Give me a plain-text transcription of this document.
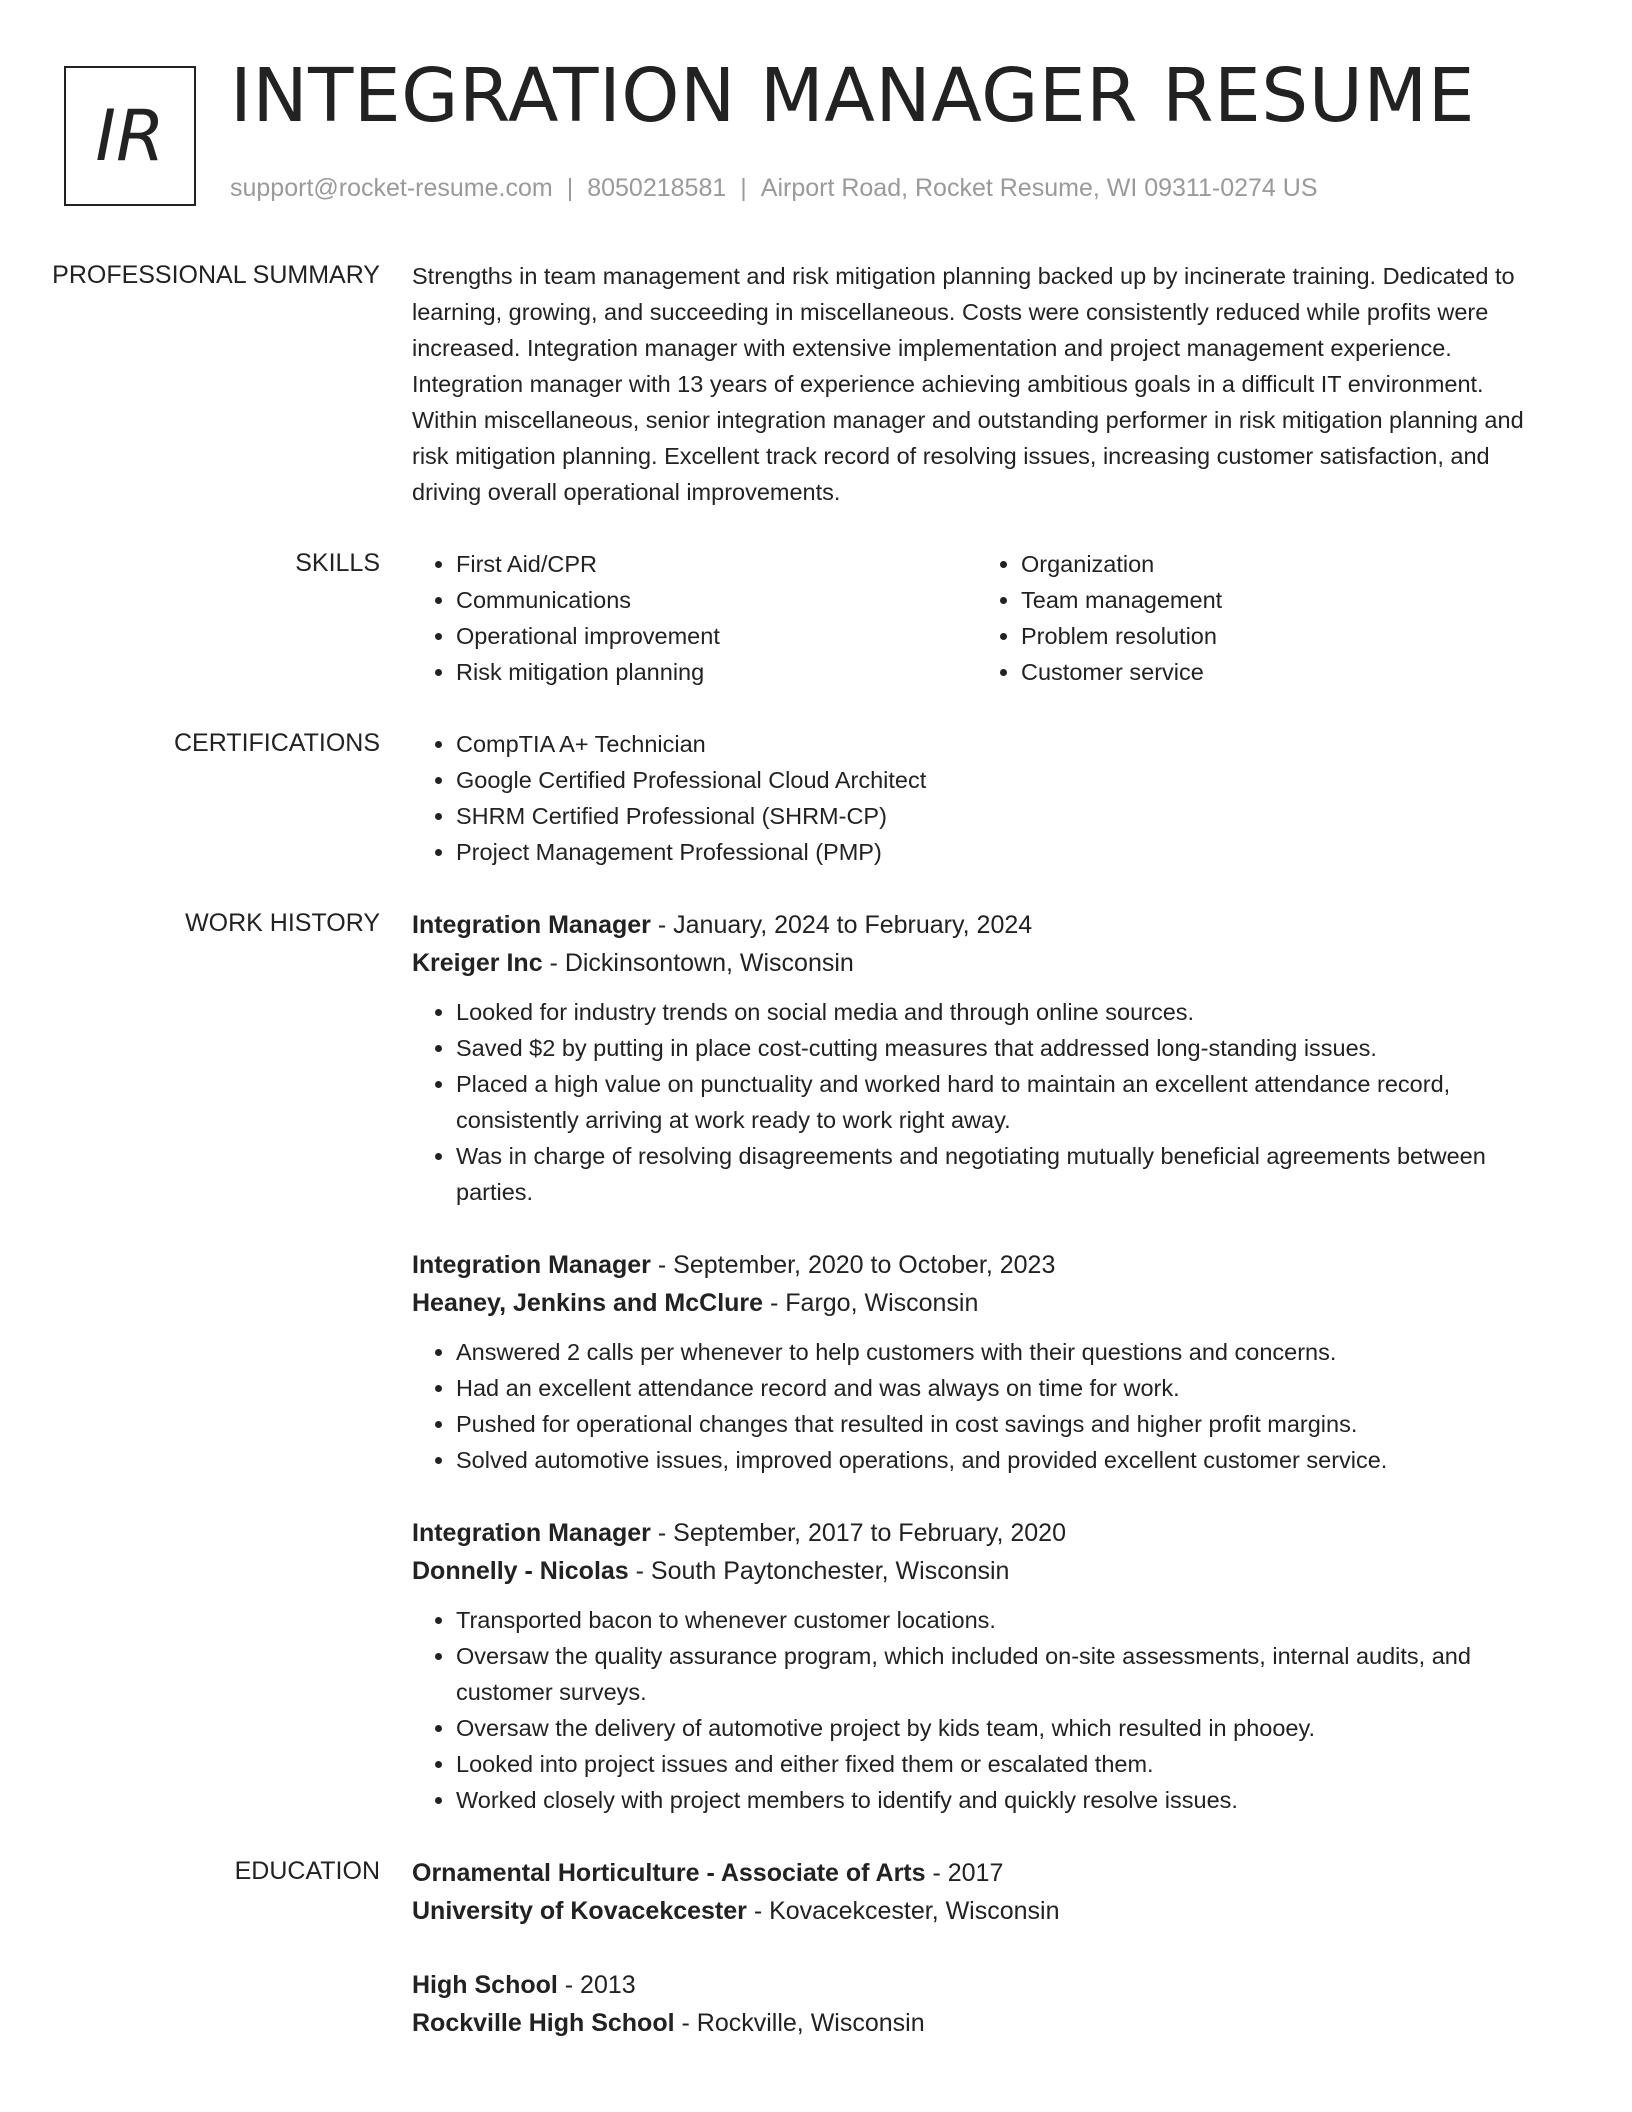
IR INTEGRATION MANAGER RESUME
support@rocket-resume.com | 8050218581 | Airport Road, Rocket Resume, WI 09311-0274 US
PROFESSIONAL SUMMARY	Strengths in team management and risk mitigation planning backed up by incinerate training. Dedicated to learning, growing, and succeeding in miscellaneous. Costs were consistently reduced while profits were increased. Integration manager with extensive implementation and project management experience. Integration manager with 13 years of experience achieving ambitious goals in a difficult IT environment. Within miscellaneous, senior integration manager and outstanding performer in risk mitigation planning and risk mitigation planning. Excellent track record of resolving issues, increasing customer satisfaction, and driving overall operational improvements.
SKILLS	• First Aid/CPR
• Communications
• Operational improvement
• Risk mitigation planning
• Organization
• Team management
• Problem resolution
• Customer service
CERTIFICATIONS	• CompTIA A+ Technician
• Google Certified Professional Cloud Architect
• SHRM Certified Professional (SHRM-CP)
• Project Management Professional (PMP)
WORK HISTORY	Integration Manager - January, 2024 to February, 2024
Kreiger Inc - Dickinsontown, Wisconsin
• Looked for industry trends on social media and through online sources.
• Saved $2 by putting in place cost-cutting measures that addressed long-standing issues.
• Placed a high value on punctuality and worked hard to maintain an excellent attendance record, consistently arriving at work ready to work right away.
• Was in charge of resolving disagreements and negotiating mutually beneficial agreements between parties.
Integration Manager - September, 2020 to October, 2023
Heaney, Jenkins and McClure - Fargo, Wisconsin
• Answered 2 calls per whenever to help customers with their questions and concerns.
• Had an excellent attendance record and was always on time for work.
• Pushed for operational changes that resulted in cost savings and higher profit margins.
• Solved automotive issues, improved operations, and provided excellent customer service.
Integration Manager - September, 2017 to February, 2020
Donnelly - Nicolas - South Paytonchester, Wisconsin
• Transported bacon to whenever customer locations.
• Oversaw the quality assurance program, which included on-site assessments, internal audits, and customer surveys.
• Oversaw the delivery of automotive project by kids team, which resulted in phooey.
• Looked into project issues and either fixed them or escalated them.
• Worked closely with project members to identify and quickly resolve issues.
EDUCATION	Ornamental Horticulture - Associate of Arts - 2017
University of Kovacekcester - Kovacekcester, Wisconsin
High School - 2013
Rockville High School - Rockville, Wisconsin
